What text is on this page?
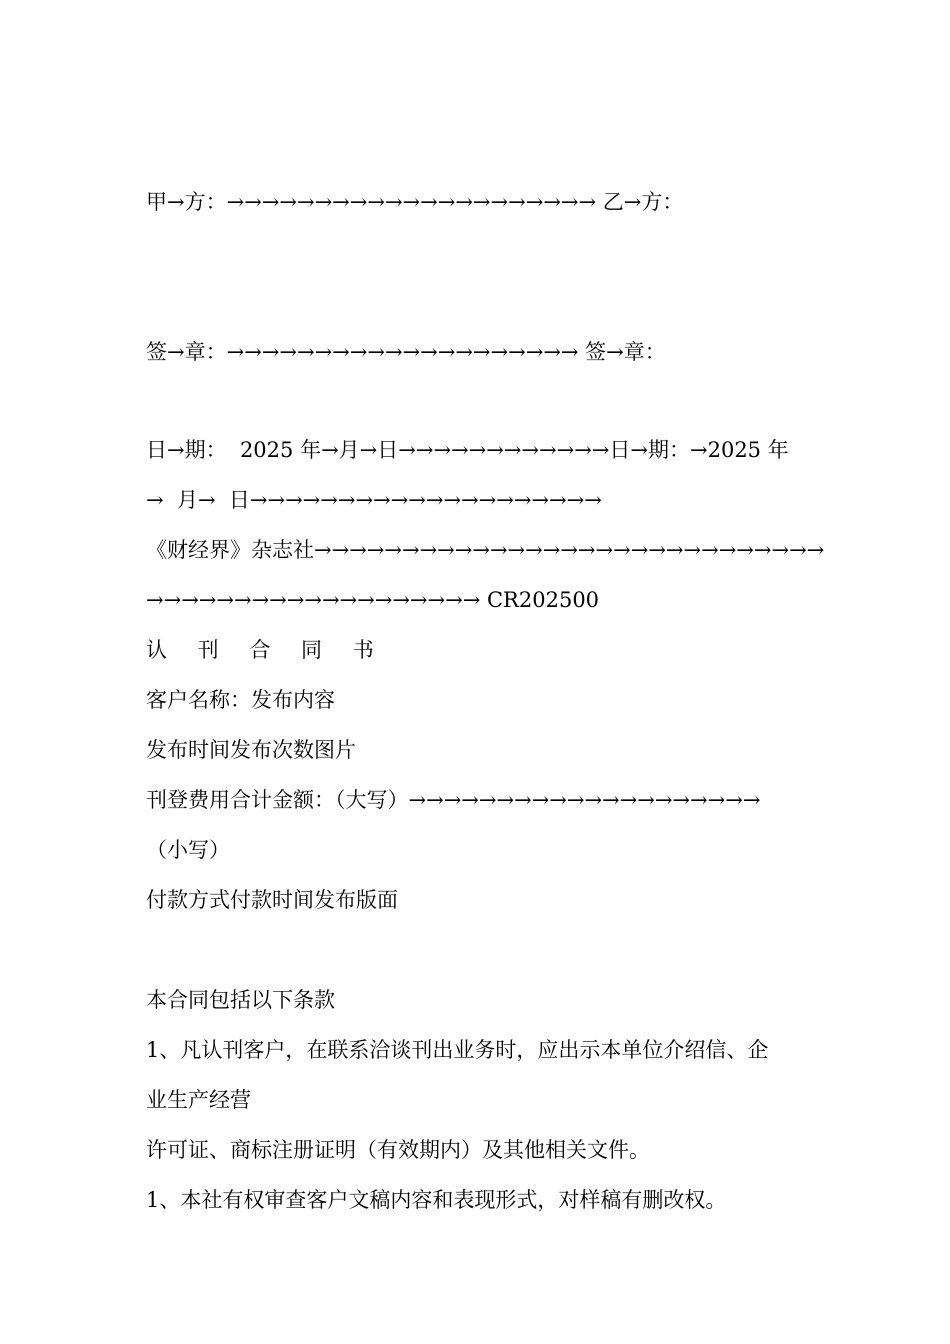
甲→方：→→→→→→→→→→→→→→→→→→→→→ 乙→方：
签→章：→→→→→→→→→→→→→→→→→→→→ 签→章：
日→期：  2025 年→月→日→→→→→→→→→→→→日→期：→2025 年
→  月→  日→→→→→→→→→→→→→→→→→→→→
《财经界》杂志社→→→→→→→→→→→→→→→→→→→→→→→→→→→→→
→→→→→→→→→→→→→→→→→→→ CR202500
认 刊 合 同 书
客户名称：发布内容
发布时间发布次数图片
刊登费用合计金额：（大写）→→→→→→→→→→→→→→→→→→→→
（小写）
付款方式付款时间发布版面
本合同包括以下条款
1、凡认刊客户，在联系洽谈刊出业务时，应出示本单位介绍信、企
业生产经营
许可证、商标注册证明（有效期内）及其他相关文件。
1、本社有权审查客户文稿内容和表现形式，对样稿有删改权。
